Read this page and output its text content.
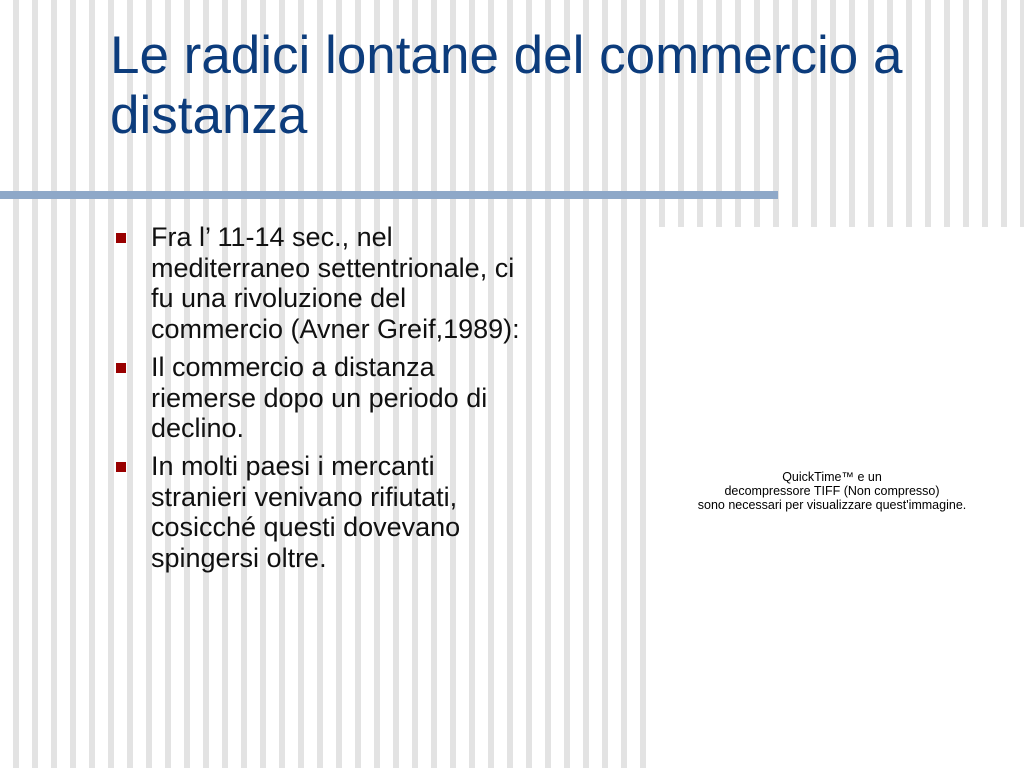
Le radici lontane del commercio a distanza
Fra l’ 11-14 sec., nel mediterraneo settentrionale, ci fu una rivoluzione del commercio (Avner Greif,1989):
Il commercio a distanza riemerse dopo un periodo di declino.
In molti paesi i mercanti stranieri venivano rifiutati, cosicché questi dovevano spingersi oltre.
QuickTime™ e un
decompressore TIFF (Non compresso)
sono necessari per visualizzare quest'immagine.
